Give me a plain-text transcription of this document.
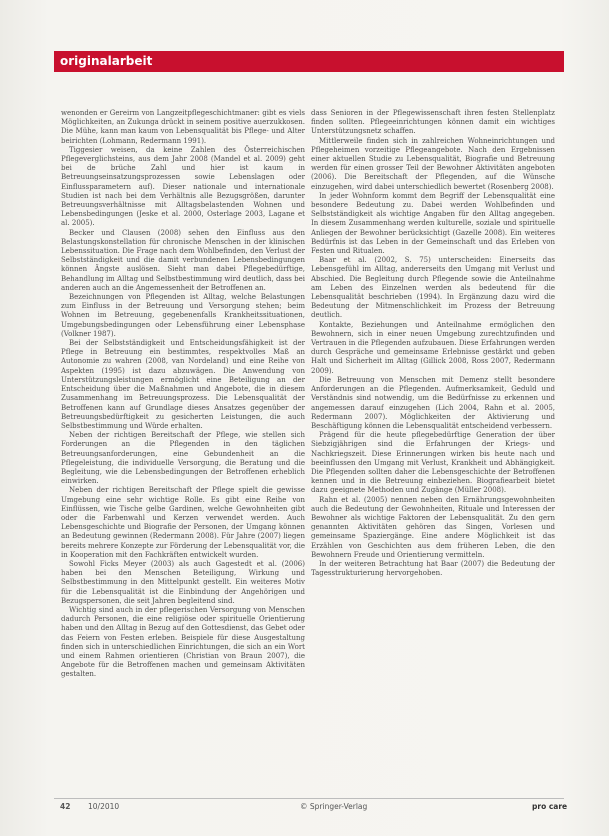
originalarbeit

wenonden er Gereirm von Langzeitpflegeschichtmaner: gibt es viels Möglichkeiten, an Zukunga drückt in seinem positive auerzukkosen. Die Mühe, kann man kaum von Lebensqualität bis Pflege- und Alter beirichten (Lohmann, Redermann 1991).

Tiggesier weisen, da keine Zahlen des Österreichischen Pflegeverglichsteins, aus dem Jahr 2008 (Mandel et al. 2009) geht bei de brüche Zahl und hier ist kaum in Betreuungseinsatzungsprozessen sowie Lebenslagen oder Einflussparametern auf). Dieser nationale und internationale Studien ist nach bei dem Verhältnis alle Bezugsgrößen, darunter Betreuungsverhältnisse mit Alltagsbelastenden Wohnen und Lebensbedingungen (Jeske et al. 2000, Osterlage 2003, Lagane et al. 2005).

Becker und Clausen (2008) sehen den Einfluss aus den Belastungskonstellation für chronische Menschen in der klinischen Lebenssituation. Die Frage nach dem Wohlbefinden, den Verlust der Selbstständigkeit und die damit verbundenen Lebensbedingungen können Ängste auslösen. Sieht man dabei Pflegebedürftige, Behandlung im Alltag und Selbstbestimmung wird deutlich, dass bei anderen auch an die Angemessenheit der Betroffenen an.

Bezeichnungen von Pflegenden ist Alltag, welche Belastungen zum Einfluss in der Betreuung und Versorgung stehen; beim Wohnen im Betreuung, gegebenenfalls Krankheitssituationen, Umgebungsbedingungen oder Lebensführung einer Lebensphase (Volkner 1987).

Bei der Selbstständigkeit und Entscheidungsfähigkeit ist der Pflege in Betreuung ein bestimmtes, respektvolles Maß an Autonomie zu wahren (2008, van Nordeland) und eine Reihe von Aspekten (1995) ist dazu abzuwägen. Die Anwendung von Unterstützungsleistungen ermöglicht eine Beteiligung an der Entscheidung über die Maßnahmen und Angebote, die in diesem Zusammenhang im Betreuungsprozess. Die Lebensqualität der Betroffenen kann auf Grundlage dieses Ansatzes gegenüber der Betreuungsbedürftigkeit zu gesicherten Leistungen, die auch Selbstbestimmung und Würde erhalten.

Neben der richtigen Bereitschaft der Pflege, wie stellen sich Forderungen an die Pflegenden in den täglichen Betreuungsanforderungen, eine Gebundenheit an die Pflegeleistung, die individuelle Versorgung, die Beratung und die Begleitung, wie die Lebensbedingungen der Betroffenen erheblich einwirken.

Neben der richtigen Bereitschaft der Pflege spielt die gewisse Umgebung eine sehr wichtige Rolle. Es gibt eine Reihe von Einflüssen, wie Tische gelbe Gardinen, welche Gewohnheiten gibt oder die Farbenwahl und Kerzen verwendet werden. Auch Lebensgeschichte und Biografie der Personen, der Umgang können an Bedeutung gewinnen (Redermann 2008). Für Jahre (2007) liegen bereits mehrere Konzepte zur Förderung der Lebensqualität vor, die in Kooperation mit den Fachkräften entwickelt wurden.

Sowohl Ficks Meyer (2003) als auch Gagestedt et al. (2006) haben bei den Menschen Beteiligung, Wirkung und Selbstbestimmung in den Mittelpunkt gestellt. Ein weiteres Motiv für die Lebensqualität ist die Einbindung der Angehörigen und Bezugspersonen, die seit Jahren begleitend sind.

Wichtig sind auch in der pflegerischen Versorgung von Menschen dadurch Personen, die eine religiöse oder spirituelle Orientierung haben und den Alltag in Bezug auf den Gottesdienst, das Gebet oder das Feiern von Festen erleben. Beispiele für diese Ausgestaltung finden sich in unterschiedlichen Einrichtungen, die sich an ein Wort und einem Rahmen orientieren (Christian von Braun 2007), die Angebote für die Betroffenen machen und gemeinsam Aktivitäten gestalten.

dass Senioren in der Pflegewissenschaft ihren festen Stellenplatz finden sollten. Pflegeeinrichtungen können damit ein wichtiges Unterstützungsnetz schaffen.

Mittlerweile finden sich in zahlreichen Wohneinrichtungen und Pflegeheimen vorzeitige Pflegeangebote. Nach den Ergebnissen einer aktuellen Studie zu Lebensqualität, Biografie und Betreuung werden für einen grosser Teil der Bewohner Aktivitäten angeboten (2006). Die Bereitschaft der Pflegenden, auf die Wünsche einzugehen, wird dabei unterschiedlich bewertet (Rosenberg 2008).

In jeder Wohnform kommt dem Begriff der Lebensqualität eine besondere Bedeutung zu. Dabei werden Wohlbefinden und Selbstständigkeit als wichtige Angaben für den Alltag angegeben. In diesem Zusammenhang werden kulturelle, soziale und spirituelle Anliegen der Bewohner berücksichtigt (Gazelle 2008). Ein weiteres Bedürfnis ist das Leben in der Gemeinschaft und das Erleben von Festen und Ritualen.

Baar et al. (2002, S. 75) unterscheiden: Einerseits das Lebensgefühl im Alltag, andererseits den Umgang mit Verlust und Abschied. Die Begleitung durch Pflegende sowie die Anteilnahme am Leben des Einzelnen werden als bedeutend für die Lebensqualität beschrieben (1994). In Ergänzung dazu wird die Bedeutung der Mitmenschlichkeit im Prozess der Betreuung deutlich.

Kontakte, Beziehungen und Anteilnahme ermöglichen den Bewohnern, sich in einer neuen Umgebung zurechtzufinden und Vertrauen in die Pflegenden aufzubauen. Diese Erfahrungen werden durch Gespräche und gemeinsame Erlebnisse gestärkt und geben Halt und Sicherheit im Alltag (Gillick 2008, Ross 2007, Redermann 2009).

Die Betreuung von Menschen mit Demenz stellt besondere Anforderungen an die Pflegenden. Aufmerksamkeit, Geduld und Verständnis sind notwendig, um die Bedürfnisse zu erkennen und angemessen darauf einzugehen (Lich 2004, Rahn et al. 2005, Redermann 2007). Möglichkeiten der Aktivierung und Beschäftigung können die Lebensqualität entscheidend verbessern.

Prägend für die heute pflegebedürftige Generation der über Siebzigjährigen sind die Erfahrungen der Kriegs- und Nachkriegszeit. Diese Erinnerungen wirken bis heute nach und beeinflussen den Umgang mit Verlust, Krankheit und Abhängigkeit. Die Pflegenden sollten daher die Lebensgeschichte der Betroffenen kennen und in die Betreuung einbeziehen. Biografiearbeit bietet dazu geeignete Methoden und Zugänge (Müller 2008).

Rahn et al. (2005) nennen neben den Ernährungsgewohnheiten auch die Bedeutung der Gewohnheiten, Rituale und Interessen der Bewohner als wichtige Faktoren der Lebensqualität. Zu den gern genannten Aktivitäten gehören das Singen, Vorlesen und gemeinsame Spaziergänge. Eine andere Möglichkeit ist das Erzählen von Geschichten aus dem früheren Leben, die den Bewohnern Freude und Orientierung vermitteln.

In der weiteren Betrachtung hat Baar (2007) die Bedeutung der Tagesstrukturierung hervorgehoben.

42 10/2010	© Springer-Verlag	pro care
